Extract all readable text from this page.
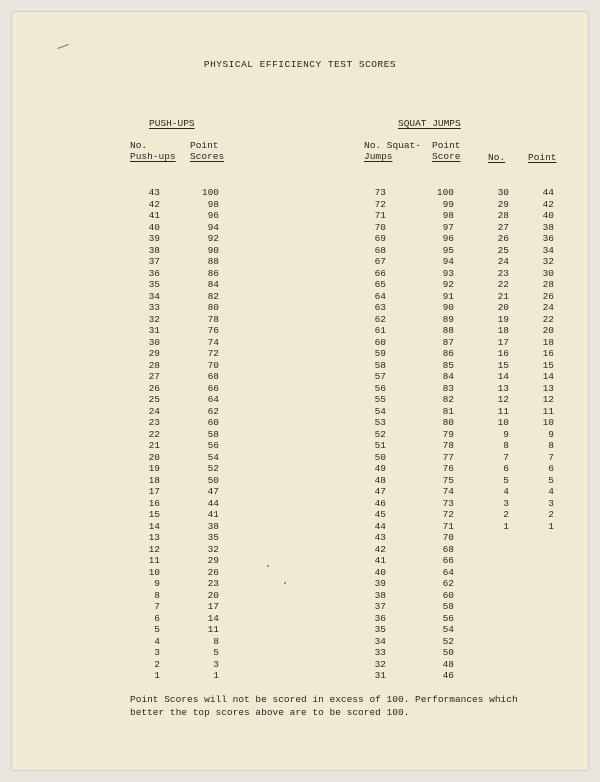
PHYSICAL EFFICIENCY TEST SCORES
PUSH-UPS	SQUAT JUMPS
No.
Push-ups
Point
Scores
No. Squat-
Jumps
Point
Score	No. Point
43
42
41
40
39
38
37
36
35
34
33
32
31
30
29
28
27
26
25
24
23
22
21
20
19
18
17
16
15
14
13
12
11
10
9
8
7
6
5
4
3
2
1
100
98
96
94
92
90
88
86
84
82
80
78
76
74
72
70
68
66
64
62
60
58
56
54
52
50
47
44
41
38
35
32
29
26
23
20
17
14
11
8
5
3
1
73
72
71
70
69
68
67
66
65
64
63
62
61
60
59
58
57
56
55
54
53
52
51
50
49
48
47
46
45
44
43
42
41
40
39
38
37
36
35
34
33
32
31
100
99
98
97
96
95
94
93
92
91
90
89
88
87
86
85
84
83
82
81
80
79
78
77
76
75
74
73
72
71
70
68
66
64
62
60
58
56
54
52
50
48
46
30
29
28
27
26
25
24
23
22
21
20
19
18
17
16
15
14
13
12
11
10
9
8
7
6
5
4
3
2
1
44
42
40
38
36
34
32
30
28
26
24
22
20
18
16
15
14
13
12
11
10
9
8
7
6
5
4
3
2
1
Point Scores will not be scored in excess of 100. Performances which better the top scores above are to be scored 100.
